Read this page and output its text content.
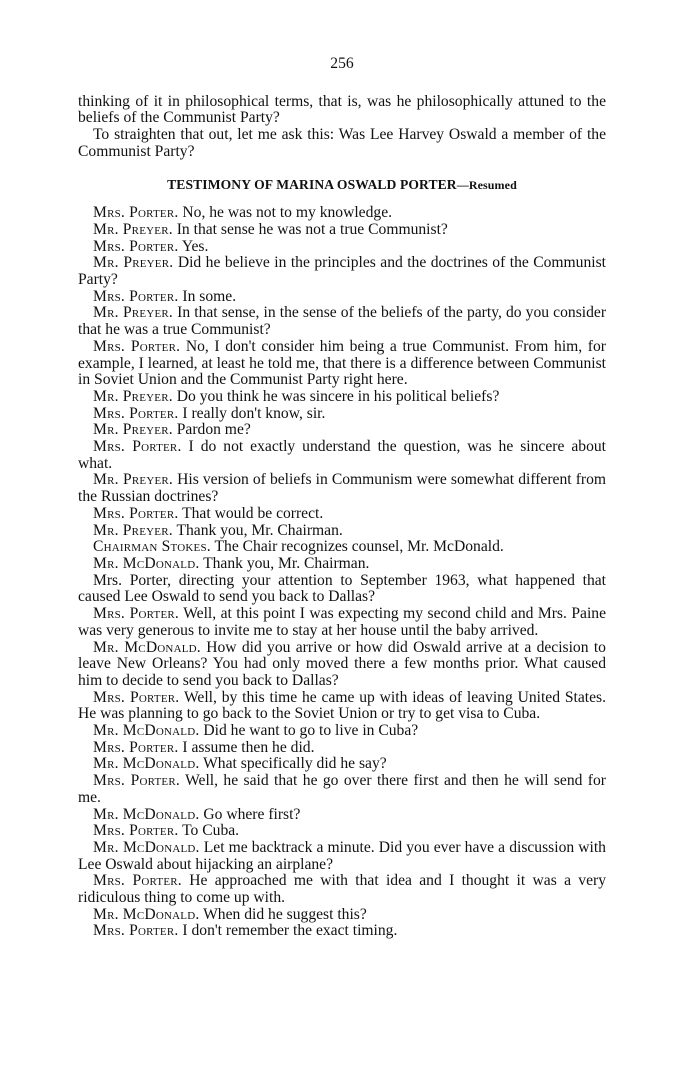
256

thinking of it in philosophical terms, that is, was he philosophically attuned to the beliefs of the Communist Party?

To straighten that out, let me ask this: Was Lee Harvey Oswald a member of the Communist Party?

TESTIMONY OF MARINA OSWALD PORTER—Resumed

Mrs. Porter. No, he was not to my knowledge.

Mr. Preyer. In that sense he was not a true Communist?

Mrs. Porter. Yes.

Mr. Preyer. Did he believe in the principles and the doctrines of the Communist Party?

Mrs. Porter. In some.

Mr. Preyer. In that sense, in the sense of the beliefs of the party, do you consider that he was a true Communist?

Mrs. Porter. No, I don't consider him being a true Communist. From him, for example, I learned, at least he told me, that there is a difference between Communist in Soviet Union and the Communist Party right here.

Mr. Preyer. Do you think he was sincere in his political beliefs?

Mrs. Porter. I really don't know, sir.

Mr. Preyer. Pardon me?

Mrs. Porter. I do not exactly understand the question, was he sincere about what.

Mr. Preyer. His version of beliefs in Communism were somewhat different from the Russian doctrines?

Mrs. Porter. That would be correct.

Mr. Preyer. Thank you, Mr. Chairman.

Chairman Stokes. The Chair recognizes counsel, Mr. McDonald.

Mr. McDonald. Thank you, Mr. Chairman.

Mrs. Porter, directing your attention to September 1963, what happened that caused Lee Oswald to send you back to Dallas?

Mrs. Porter. Well, at this point I was expecting my second child and Mrs. Paine was very generous to invite me to stay at her house until the baby arrived.

Mr. McDonald. How did you arrive or how did Oswald arrive at a decision to leave New Orleans? You had only moved there a few months prior. What caused him to decide to send you back to Dallas?

Mrs. Porter. Well, by this time he came up with ideas of leaving United States. He was planning to go back to the Soviet Union or try to get visa to Cuba.

Mr. McDonald. Did he want to go to live in Cuba?

Mrs. Porter. I assume then he did.

Mr. McDonald. What specifically did he say?

Mrs. Porter. Well, he said that he go over there first and then he will send for me.

Mr. McDonald. Go where first?

Mrs. Porter. To Cuba.

Mr. McDonald. Let me backtrack a minute. Did you ever have a discussion with Lee Oswald about hijacking an airplane?

Mrs. Porter. He approached me with that idea and I thought it was a very ridiculous thing to come up with.

Mr. McDonald. When did he suggest this?

Mrs. Porter. I don't remember the exact timing.
